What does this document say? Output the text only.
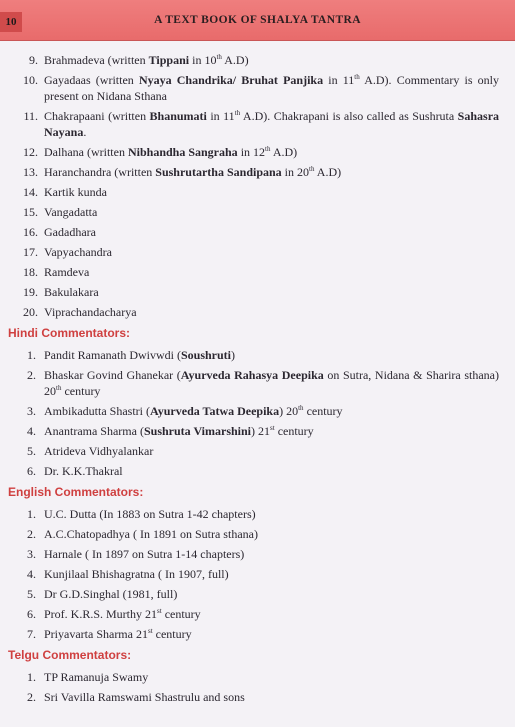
10	A TEXT BOOK OF SHALYA TANTRA
9. Brahmadeva (written Tippani in 10th A.D)
10. Gayadaas (written Nyaya Chandrika/ Bruhat Panjika in 11th A.D). Commentary is only present on Nidana Sthana
11. Chakrapaani (written Bhanumati in 11th A.D). Chakrapani is also called as Sushruta Sahasra Nayana.
12. Dalhana (written Nibhandha Sangraha in 12th A.D)
13. Haranchandra (written Sushrutartha Sandipana in 20th A.D)
14. Kartik kunda
15. Vangadatta
16. Gadadhara
17. Vapyachandra
18. Ramdeva
19. Bakulakara
20. Viprachandacharya
Hindi Commentators:
1. Pandit Ramanath Dwivwdi (Soushruti)
2. Bhaskar Govind Ghanekar (Ayurveda Rahasya Deepika on Sutra, Nidana & Sharira sthana) 20th century
3. Ambikadutta Shastri (Ayurveda Tatwa Deepika) 20th century
4. Anantrama Sharma (Sushruta Vimarshini) 21st century
5. Atrideva Vidhyalankar
6. Dr. K.K.Thakral
English Commentators:
1. U.C. Dutta (In 1883 on Sutra 1-42 chapters)
2. A.C.Chatopadhya ( In 1891 on Sutra sthana)
3. Harnale ( In 1897 on Sutra 1-14 chapters)
4. Kunjilaal Bhishagratna ( In 1907, full)
5. Dr G.D.Singhal (1981, full)
6. Prof. K.R.S. Murthy 21st century
7. Priyavarta Sharma 21st century
Telgu Commentators:
1. TP Ramanuja Swamy
2. Sri Vavilla Ramswami Shastrulu and sons
